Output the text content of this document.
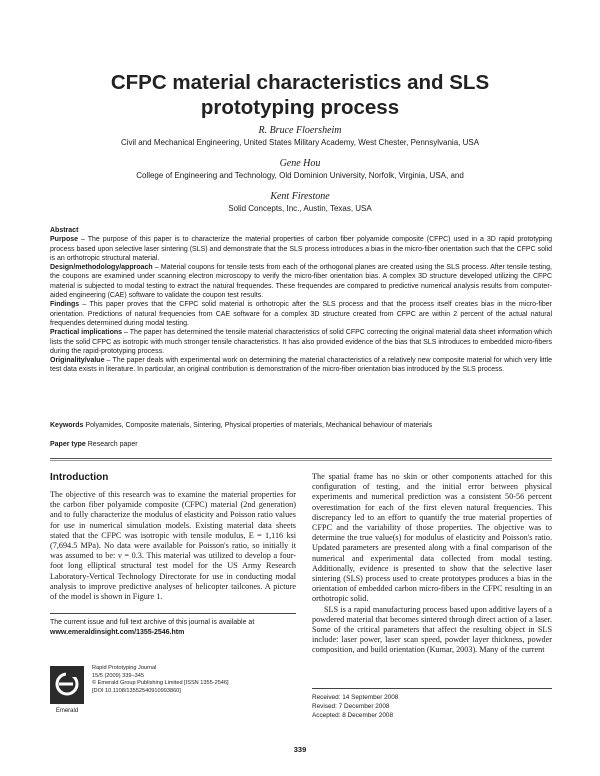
CFPC material characteristics and SLS
prototyping process
R. Bruce Floersheim
Civil and Mechanical Engineering, United States Military Academy, West Chester, Pennsylvania, USA
Gene Hou
College of Engineering and Technology, Old Dominion University, Norfolk, Virginia, USA, and
Kent Firestone
Solid Concepts, Inc., Austin, Texas, USA

Abstract

Purpose – The purpose of this paper is to characterize the material properties of carbon fiber polyamide composite (CFPC) used in a 3D rapid prototyping process based upon selective laser sintering (SLS) and demonstrate that the SLS process introduces a bias in the micro-fiber orientation such that the CFPC solid is an orthotropic structural material.

Design/methodology/approach – Material coupons for tensile tests from each of the orthogonal planes are created using the SLS process. After tensile testing, the coupons are examined under scanning electron microscopy to verify the micro-fiber orientation bias. A complex 3D structure developed utilizing the CFPC material is subjected to modal testing to extract the natural frequendes. These frequendes are compared to predictive numerical analysis results from computer-aided engineering (CAE) software to validate the coupon test results.

Findings – This paper proves that the CFPC solid material is orthotropic after the SLS process and that the process itself creates bias in the micro-fiber orientation. Predictions of natural frequencies from CAE software for a complex 3D structure created from CFPC are within 2 percent of the actual natural frequendes determined during modal testing.

Practical implications – The paper has determined the tensile material characteristics of solid CFPC correcting the original material data sheet information which lists the solid CFPC as isotropic with much stronger tensile characteristics. It has also provided evidence of the bias that SLS introduces to embedded micro-fibers during the rapid-prototyping process.

Originality/value – The paper deals with experimental work on determining the material characteristics of a relatively new composite material for which very little test data exists in literature. In particular, an original contribution is demonstration of the micro-fiber orientation bias introduced by the SLS process.

Keywords Polyamides, Composite materials, Sintering, Physical properties of materials, Mechanical behaviour of materials
Paper type Research paper
Introduction

The objective of this research was to examine the material properties for the carbon fiber polyamide composite (CFPC) material (2nd generation) and to fully characterize the modulus of elasticity and Poisson ratio values for use in numerical simulation models. Existing material data sheets stated that the CFPC was isotropic with tensile modulus, E = 1,116 ksi (7,694.5 MPa). No data were available for Poisson's ratio, so initially it was assumed to be: ν = 0.3. This material was utilized to develop a four-foot long elliptical structural test model for the US Army Research Laboratory-Vertical Technology Directorate for use in conducting modal analysis to improve predictive analyses of helicopter tailcones. A picture of the model is shown in Figure 1.

The spatial frame has no skin or other components attached for this configuration of testing, and the initial error between physical experiments and numerical prediction was a consistent 50-56 percent overestimation for each of the first eleven natural frequencies. This discrepancy led to an effort to quantify the true material properties of CFPC and the variability of those properties. The objective was to determine the true value(s) for modulus of elasticity and Poisson's ratio. Updated parameters are presented along with a final comparison of the numerical and experimental data collected from modal testing. Additionally, evidence is presented to show that the selective laser sintering (SLS) process used to create prototypes produces a bias in the orientation of embedded carbon micro-fibers in the CFPC resulting in an orthotropic solid.

SLS is a rapid manufacturing process based upon additive layers of a powdered material that becomes sintered through direct action of a laser. Some of the critical parameters that affect the resulting object in SLS include: laser power, laser scan speed, powder layer thickness, powder composition, and build orientation (Kumar, 2003). Many of the current

The current issue and full text archive of this journal is available at
www.emeraldinsight.com/1355-2546.htm
Emerald
Rapid Prototyping Journal
15/5 (2009) 339–345
© Emerald Group Publishing Limited [ISSN 1355-2546]
[DOI 10.1108/13552540910993860]
Received: 14 September 2008
Revised: 7 December 2008
Accepted: 8 December 2008
339
